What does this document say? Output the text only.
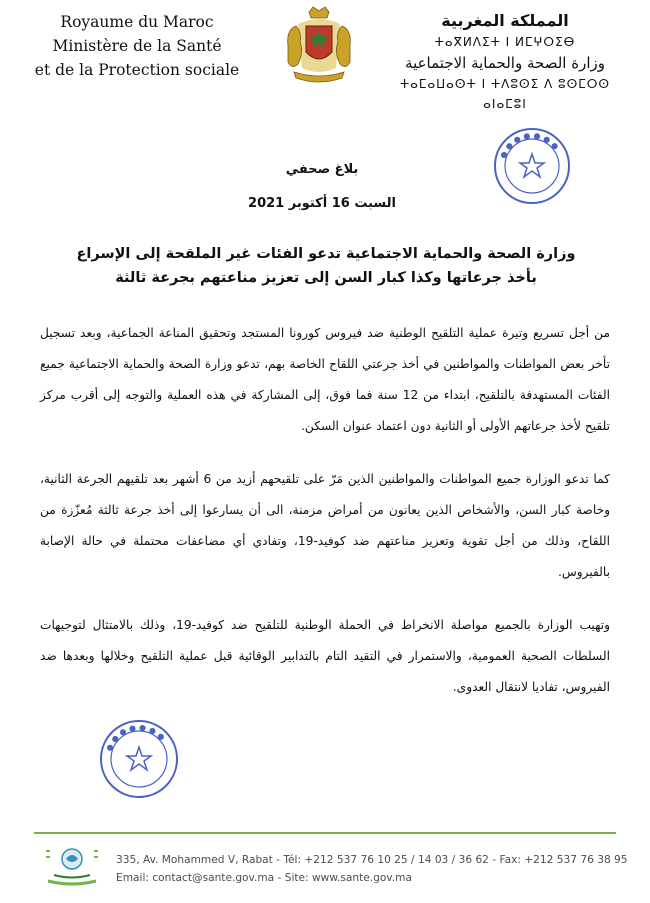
Royaume du Maroc
Ministère de la Santé
et de la Protection sociale
المملكة المغربية
ⵜⴰⴳⵍⴷⵉⵜ ⵏ ⵍⵎⵖⵔⵉⴱ
وزارة الصحة والحماية الاجتماعية
ⵜⴰⵎⴰⵡⴰⵙⵜ ⵏ ⵜⴷⵓⵙⵉ ⴷ ⵓⵙⵎⵔⵙ ⴰⵏⴰⵎⵓⵏ
● ● ● ● ● ● ●
بلاغ صحفي
السبت 16 أكتوبر 2021
وزارة الصحة والحماية الاجتماعية تدعو الفئات غير الملقحة إلى الإسراع بأخذ جرعاتها وكذا كبار السن إلى تعزيز مناعتهم بجرعة ثالثة

من أجل تسريع وتيرة عملية التلقيح الوطنية ضد فيروس كورونا المستجد وتحقيق المناعة الجماعية، وبعد تسجيل تأخر بعض المواطنات والمواطنين في أخذ جرعتي اللقاح الخاصة بهم، تدعو وزارة الصحة والحماية الاجتماعية جميع الفئات المستهدفة بالتلقيح، ابتداء من 12 سنة فما فوق، إلى المشاركة في هذه العملية والتوجه إلى أقرب مركز تلقيح لأخذ جرعاتهم الأولى أو الثانية دون اعتماد عنوان السكن.

كما تدعو الوزارة جميع المواطنات والمواطنين الذين مَرّ على تلقيحهم أزيد من 6 أشهر بعد تلقيهم الجرعة الثانية، وخاصة كبار السن، والأشخاص الذين يعانون من أمراض مزمنة، الى أن يسارعوا إلى أخذ جرعة ثالثة مُعزّزة من اللقاح، وذلك من أجل تقوية وتعزيز مناعتهم ضد كوفيد-19، وتفادي أي مضاعفات محتملة في حالة الإصابة بالفيروس.

وتهيب الوزارة بالجميع مواصلة الانخراط في الحملة الوطنية للتلقيح ضد كوفيد-19، وذلك بالامتثال لتوجيهات السلطات الصحية العمومية، والاستمرار في التقيد التام بالتدابير الوقائية قبل عملية التلقيح وخلالها وبعدها ضد الفيروس، تفاديا لانتقال العدوى.

● ● ● ● ● ● ●
335, Av. Mohammed V, Rabat - Tél: +212 537 76 10 25 / 14 03 / 36 62 - Fax: +212 537 76 38 95
Email: contact@sante.gov.ma - Site: www.sante.gov.ma
